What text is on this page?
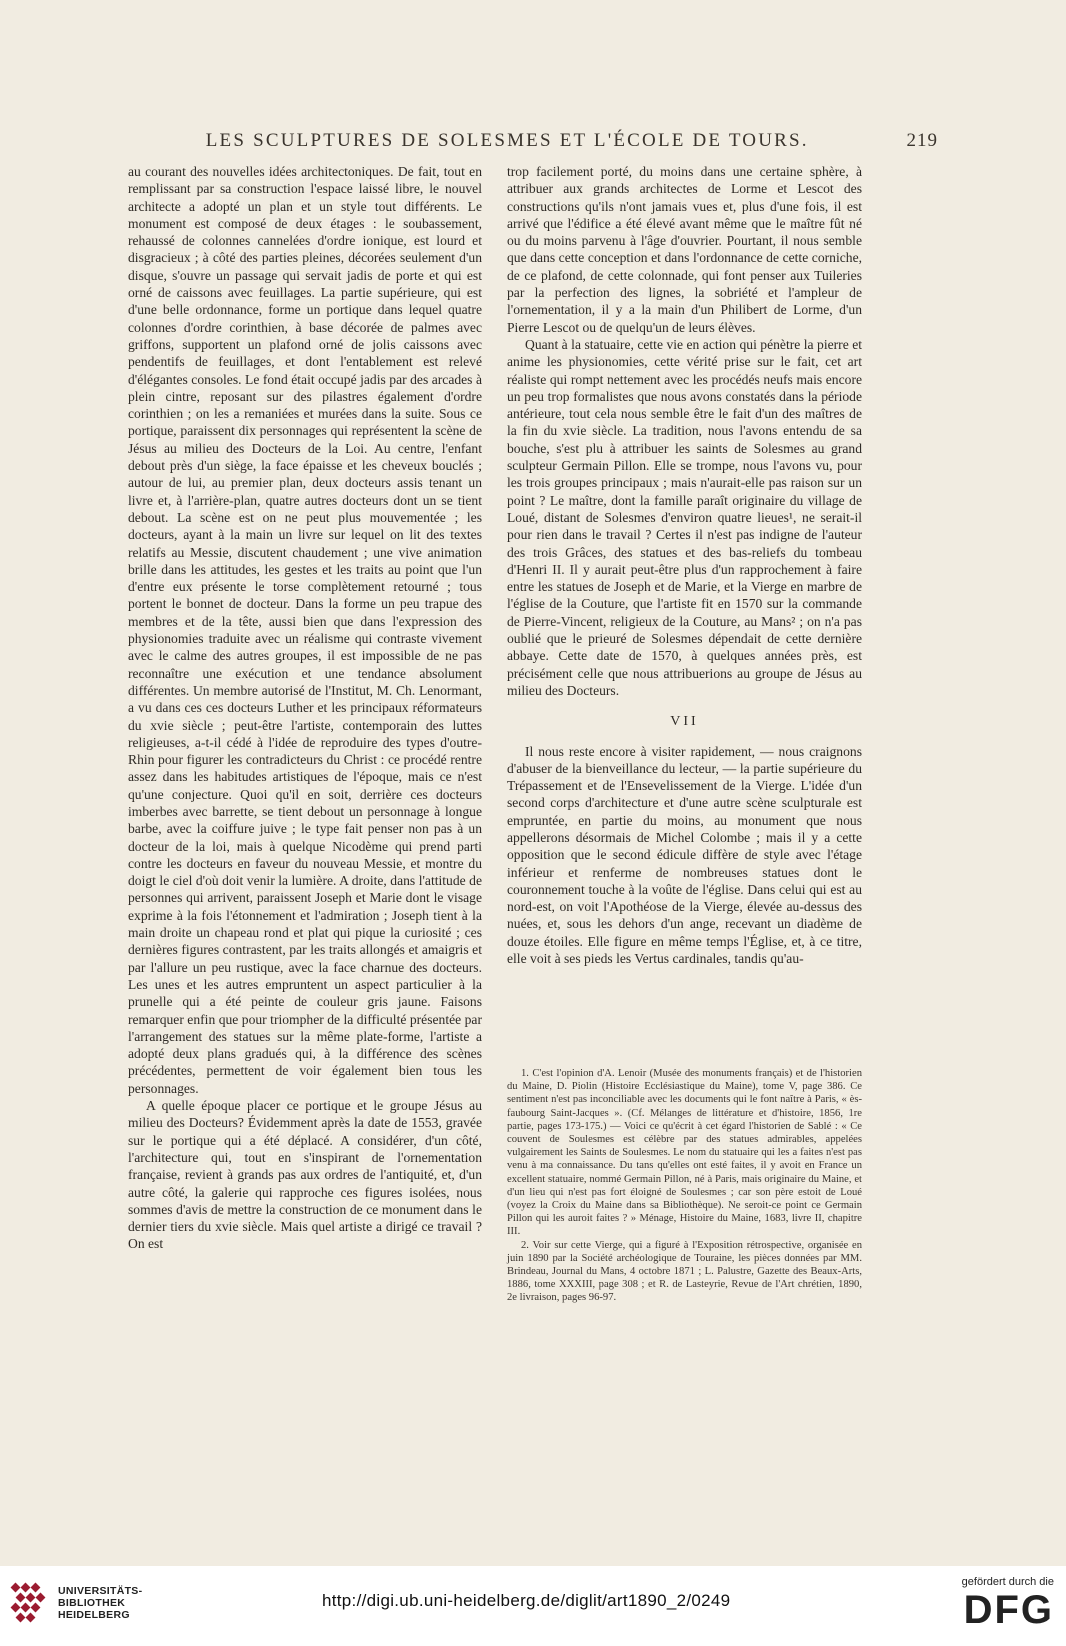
LES SCULPTURES DE SOLESMES ET L'ÉCOLE DE TOURS.	219

au courant des nouvelles idées architectoniques. De fait, tout en remplissant par sa construction l'espace laissé libre, le nouvel architecte a adopté un plan et un style tout différents. Le monument est composé de deux étages : le soubassement, rehaussé de colonnes cannelées d'ordre ionique, est lourd et disgracieux ; à côté des parties pleines, décorées seulement d'un disque, s'ouvre un passage qui servait jadis de porte et qui est orné de caissons avec feuillages. La partie supérieure, qui est d'une belle ordonnance, forme un portique dans lequel quatre colonnes d'ordre corinthien, à base décorée de palmes avec griffons, supportent un plafond orné de jolis caissons avec pendentifs de feuillages, et dont l'entablement est relevé d'élégantes consoles. Le fond était occupé jadis par des arcades à plein cintre, reposant sur des pilastres également d'ordre corinthien ; on les a remaniées et murées dans la suite. Sous ce portique, paraissent dix personnages qui représentent la scène de Jésus au milieu des Docteurs de la Loi. Au centre, l'enfant debout près d'un siège, la face épaisse et les cheveux bouclés ; autour de lui, au premier plan, deux docteurs assis tenant un livre et, à l'arrière-plan, quatre autres docteurs dont un se tient debout. La scène est on ne peut plus mouvementée ; les docteurs, ayant à la main un livre sur lequel on lit des textes relatifs au Messie, discutent chaudement ; une vive animation brille dans les attitudes, les gestes et les traits au point que l'un d'entre eux présente le torse complètement retourné ; tous portent le bonnet de docteur. Dans la forme un peu trapue des membres et de la tête, aussi bien que dans l'expression des physionomies traduite avec un réalisme qui contraste vivement avec le calme des autres groupes, il est impossible de ne pas reconnaître une exécution et une tendance absolument différentes. Un membre autorisé de l'Institut, M. Ch. Lenormant, a vu dans ces ces docteurs Luther et les principaux réformateurs du xvie siècle ; peut-être l'artiste, contemporain des luttes religieuses, a-t-il cédé à l'idée de reproduire des types d'outre-Rhin pour figurer les contradicteurs du Christ : ce procédé rentre assez dans les habitudes artistiques de l'époque, mais ce n'est qu'une conjecture. Quoi qu'il en soit, derrière ces docteurs imberbes avec barrette, se tient debout un personnage à longue barbe, avec la coiffure juive ; le type fait penser non pas à un docteur de la loi, mais à quelque Nicodème qui prend parti contre les docteurs en faveur du nouveau Messie, et montre du doigt le ciel d'où doit venir la lumière. A droite, dans l'attitude de personnes qui arrivent, paraissent Joseph et Marie dont le visage exprime à la fois l'étonnement et l'admiration ; Joseph tient à la main droite un chapeau rond et plat qui pique la curiosité ; ces dernières figures contrastent, par les traits allongés et amaigris et par l'allure un peu rustique, avec la face charnue des docteurs. Les unes et les autres empruntent un aspect particulier à la prunelle qui a été peinte de couleur gris jaune. Faisons remarquer enfin que pour triompher de la difficulté présentée par l'arrangement des statues sur la même plate-forme, l'artiste a adopté deux plans gradués qui, à la différence des scènes précédentes, permettent de voir également bien tous les personnages.

A quelle époque placer ce portique et le groupe Jésus au milieu des Docteurs? Évidemment après la date de 1553, gravée sur le portique qui a été déplacé. A considérer, d'un côté, l'architecture qui, tout en s'inspirant de l'ornementation française, revient à grands pas aux ordres de l'antiquité, et, d'un autre côté, la galerie qui rapproche ces figures isolées, nous sommes d'avis de mettre la construction de ce monument dans le dernier tiers du xvie siècle. Mais quel artiste a dirigé ce travail ? On est

trop facilement porté, du moins dans une certaine sphère, à attribuer aux grands architectes de Lorme et Lescot des constructions qu'ils n'ont jamais vues et, plus d'une fois, il est arrivé que l'édifice a été élevé avant même que le maître fût né ou du moins parvenu à l'âge d'ouvrier. Pourtant, il nous semble que dans cette conception et dans l'ordonnance de cette corniche, de ce plafond, de cette colonnade, qui font penser aux Tuileries par la perfection des lignes, la sobriété et l'ampleur de l'ornementation, il y a la main d'un Philibert de Lorme, d'un Pierre Lescot ou de quelqu'un de leurs élèves.

Quant à la statuaire, cette vie en action qui pénètre la pierre et anime les physionomies, cette vérité prise sur le fait, cet art réaliste qui rompt nettement avec les procédés neufs mais encore un peu trop formalistes que nous avons constatés dans la période antérieure, tout cela nous semble être le fait d'un des maîtres de la fin du xvie siècle. La tradition, nous l'avons entendu de sa bouche, s'est plu à attribuer les saints de Solesmes au grand sculpteur Germain Pillon. Elle se trompe, nous l'avons vu, pour les trois groupes principaux ; mais n'aurait-elle pas raison sur un point ? Le maître, dont la famille paraît originaire du village de Loué, distant de Solesmes d'environ quatre lieues¹, ne serait-il pour rien dans le travail ? Certes il n'est pas indigne de l'auteur des trois Grâces, des statues et des bas-reliefs du tombeau d'Henri II. Il y aurait peut-être plus d'un rapprochement à faire entre les statues de Joseph et de Marie, et la Vierge en marbre de l'église de la Couture, que l'artiste fit en 1570 sur la commande de Pierre-Vincent, religieux de la Couture, au Mans² ; on n'a pas oublié que le prieuré de Solesmes dépendait de cette dernière abbaye. Cette date de 1570, à quelques années près, est précisément celle que nous attribuerions au groupe de Jésus au milieu des Docteurs.

VII

Il nous reste encore à visiter rapidement, — nous craignons d'abuser de la bienveillance du lecteur, — la partie supérieure du Trépassement et de l'Ensevelissement de la Vierge. L'idée d'un second corps d'architecture et d'une autre scène sculpturale est empruntée, en partie du moins, au monument que nous appellerons désormais de Michel Colombe ; mais il y a cette opposition que le second édicule diffère de style avec l'étage inférieur et renferme de nombreuses statues dont le couronnement touche à la voûte de l'église. Dans celui qui est au nord-est, on voit l'Apothéose de la Vierge, élevée au-dessus des nuées, et, sous les dehors d'un ange, recevant un diadème de douze étoiles. Elle figure en même temps l'Église, et, à ce titre, elle voit à ses pieds les Vertus cardinales, tandis qu'au-

1. C'est l'opinion d'A. Lenoir (Musée des monuments français) et de l'historien du Maine, D. Piolin (Histoire Ecclésiastique du Maine), tome V, page 386. Ce sentiment n'est pas inconciliable avec les documents qui le font naître à Paris, « ès-faubourg Saint-Jacques ». (Cf. Mélanges de littérature et d'histoire, 1856, 1re partie, pages 173-175.) — Voici ce qu'écrit à cet égard l'historien de Sablé : « Ce couvent de Soulesmes est célèbre par des statues admirables, appelées vulgairement les Saints de Soulesmes. Le nom du statuaire qui les a faites n'est pas venu à ma connaissance. Du tans qu'elles ont esté faites, il y avoit en France un excellent statuaire, nommé Germain Pillon, né à Paris, mais originaire du Maine, et d'un lieu qui n'est pas fort éloigné de Soulesmes ; car son père estoit de Loué (voyez la Croix du Maine dans sa Bibliothèque). Ne seroit-ce point ce Germain Pillon qui les auroit faites ? » Ménage, Histoire du Maine, 1683, livre II, chapitre III.

2. Voir sur cette Vierge, qui a figuré à l'Exposition rétrospective, organisée en juin 1890 par la Société archéologique de Touraine, les pièces données par MM. Brindeau, Journal du Mans, 4 octobre 1871 ; L. Palustre, Gazette des Beaux-Arts, 1886, tome XXXIII, page 308 ; et R. de Lasteyrie, Revue de l'Art chrétien, 1890, 2e livraison, pages 96-97.

UNIVERSITÄTS-
BIBLIOTHEK
HEIDELBERG
http://digi.ub.uni-heidelberg.de/diglit/art1890_2/0249
gefördert durch die
DFG
